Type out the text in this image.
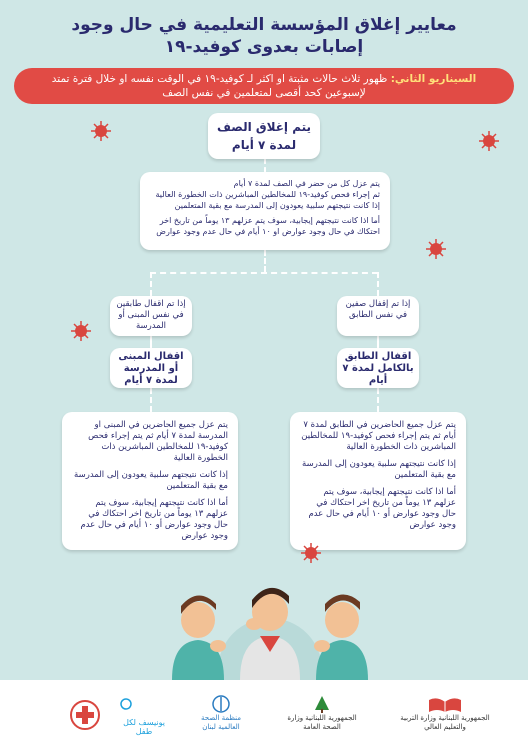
معايير إغلاق المؤسسة التعليمية في حال وجود
إصابات بعدوى كوفيد-١٩
السيناريو الثاني: ظهور ثلاث حالات مثبتة او اكثر لـ كوفيد-١٩ في الوقت نفسه او خلال فترة تمتد لإسبوعين كحد أقصى لمتعلمين في نفس الصف
يتم إغلاق الصف
لمدة ٧ أيام
يتم عزل كل من حضر في الصف لمدة ٧ أيام
ثم إجراء فحص كوفيد-١٩ للمخالطين المباشرين ذات الخطورة العالية
إذا كانت نتيجتهم سلبية يعودون إلى المدرسة مع بقية المتعلمين
أما اذا كانت نتيجتهم إيجابية، سوف يتم عزلهم ١٣ يوماً من تاريخ اخر احتكاك في حال وجود عوارض او ١٠ أيام في حال عدم وجود عوارض
إذا تم اقفال طابقين في نفس المبنى أو المدرسة
إذا تم إقفال صفين في نفس الطابق
اقفال المبنى أو المدرسة لمدة ٧ أيام
اقفال الطابق بالكامل لمدة ٧ أيام

يتم عزل جميع الحاضرين في المبنى او المدرسة لمدة ٧ أيام ثم يتم إجراء فحص كوفيد-١٩ للمخالطين المباشرين ذات الخطورة العالية

إذا كانت نتيجتهم سلبية يعودون إلى المدرسة مع بقية المتعلمين

أما اذا كانت نتيجتهم إيجابية، سوف يتم عزلهم ١٣ يوماً من تاريخ اخر احتكاك في حال وجود عوارض أو ١٠ أيام في حال عدم وجود عوارض

يتم عزل جميع الحاضرين في الطابق لمدة ٧ أيام ثم يتم إجراء فحص كوفيد-١٩ للمخالطين المباشرين ذات الخطورة العالية

إذا كانت نتيجتهم سلبية يعودون إلى المدرسة مع بقية المتعلمين

أما اذا كانت نتيجتهم إيجابية، سوف يتم عزلهم ١٣ يوماً من تاريخ اخر احتكاك في حال وجود عوارض أو ١٠ أيام في حال عدم وجود عوارض

يونيسف لكل طفل
منظمة الصحة العالمية لبنان
الجمهورية اللبنانية وزارة الصحة العامة
الجمهورية اللبنانية وزارة التربية والتعليم العالي
